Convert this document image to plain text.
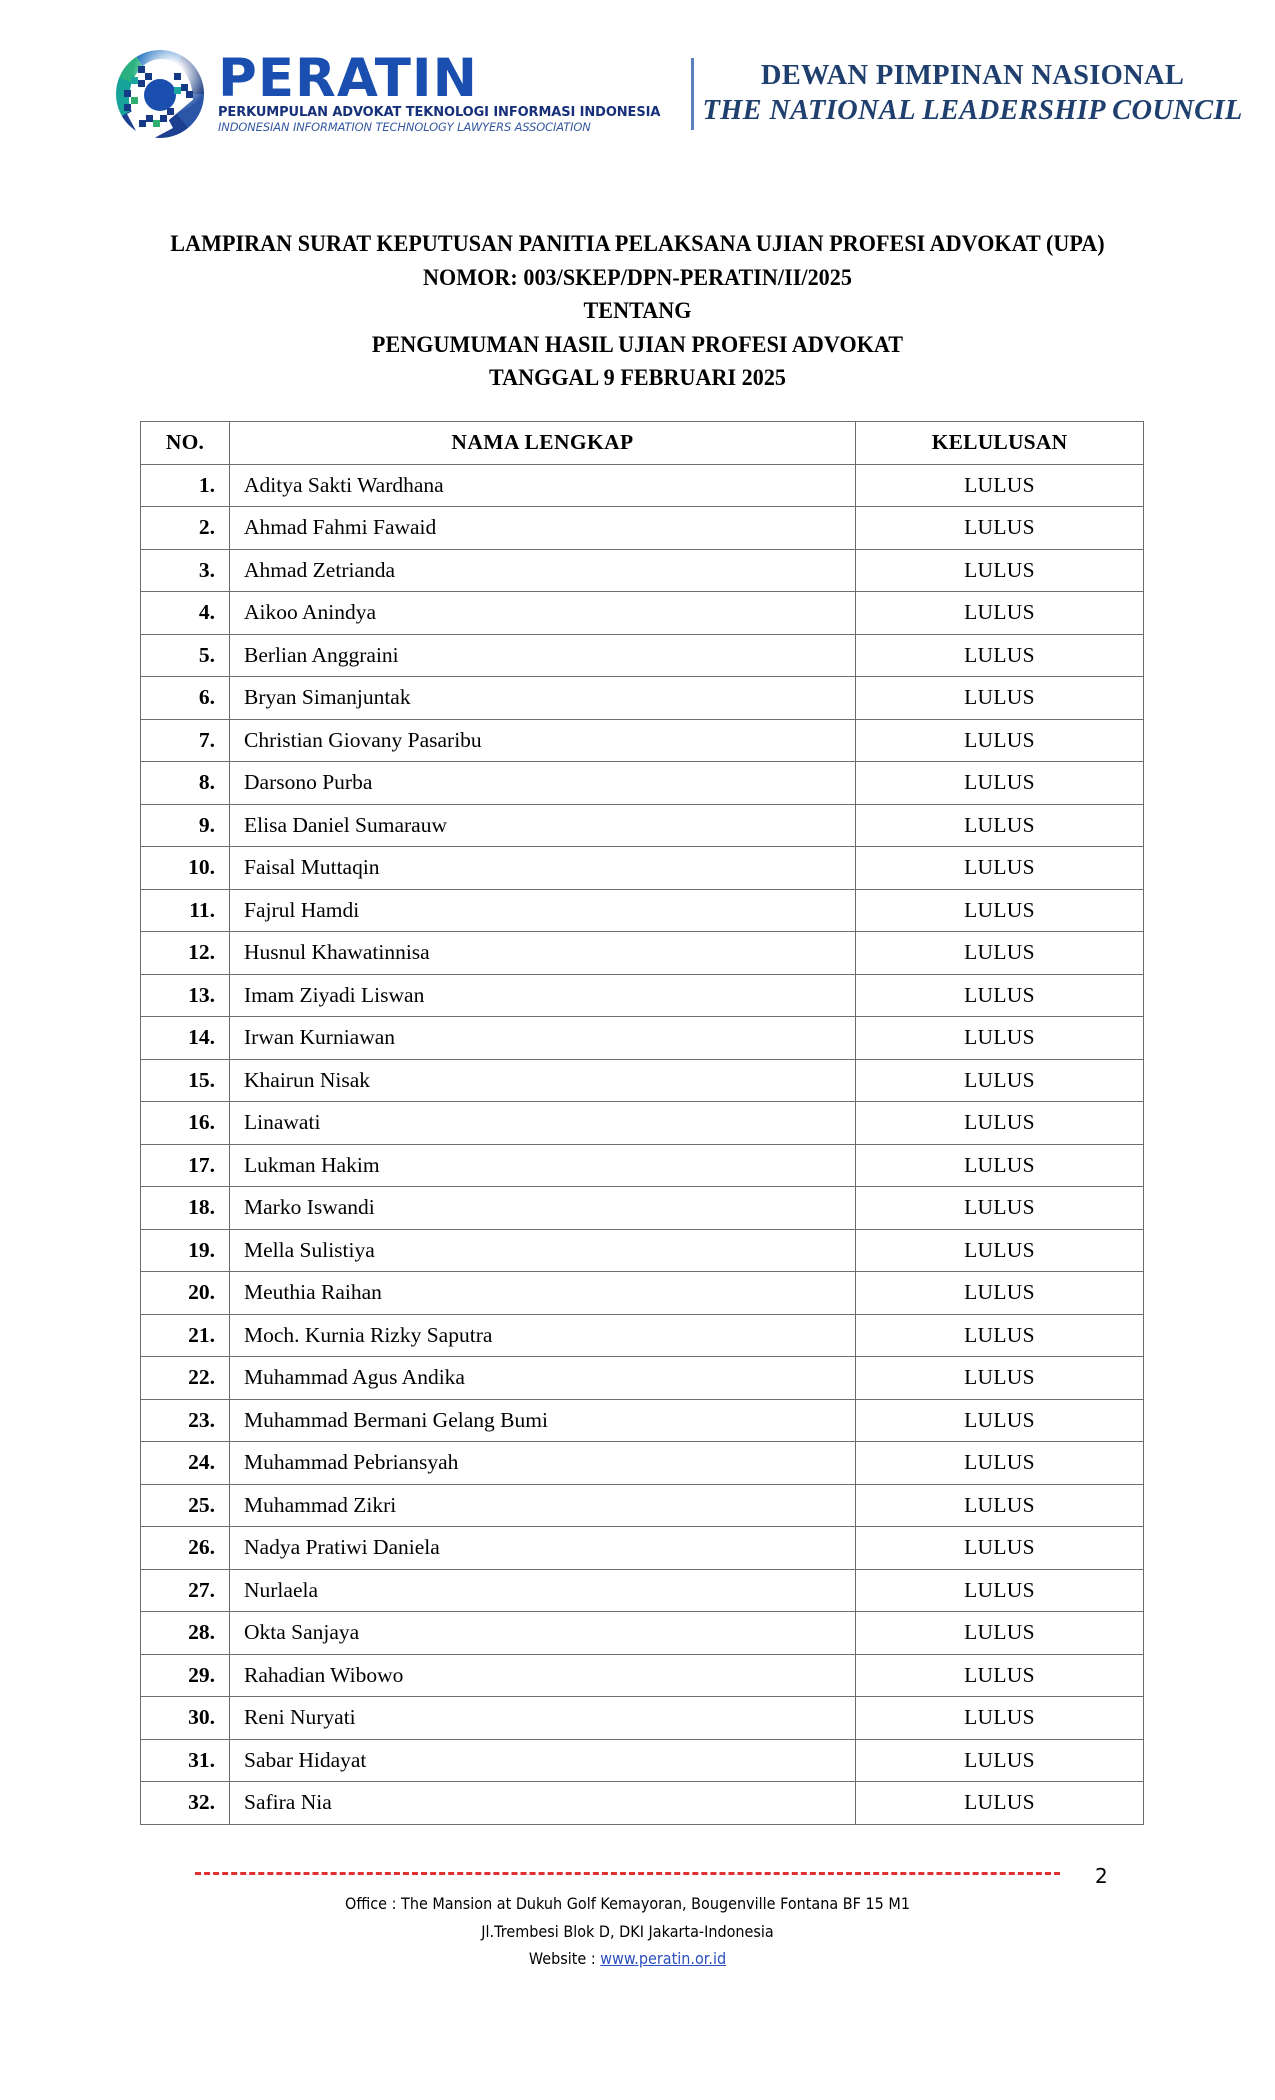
PERATIN
PERKUMPULAN ADVOKAT TEKNOLOGI INFORMASI INDONESIA
INDONESIAN INFORMATION TECHNOLOGY LAWYERS ASSOCIATION
DEWAN PIMPINAN NASIONAL
THE NATIONAL LEADERSHIP COUNCIL
LAMPIRAN SURAT KEPUTUSAN PANITIA PELAKSANA UJIAN PROFESI ADVOKAT (UPA)
NOMOR: 003/SKEP/DPN-PERATIN/II/2025
TENTANG
PENGUMUMAN HASIL UJIAN PROFESI ADVOKAT
TANGGAL 9 FEBRUARI 2025
NO.	NAMA LENGKAP	KELULUSAN
1.	Aditya Sakti Wardhana	LULUS
2.	Ahmad Fahmi Fawaid	LULUS
3.	Ahmad Zetrianda	LULUS
4.	Aikoo Anindya	LULUS
5.	Berlian Anggraini	LULUS
6.	Bryan Simanjuntak	LULUS
7.	Christian Giovany Pasaribu	LULUS
8.	Darsono Purba	LULUS
9.	Elisa Daniel Sumarauw	LULUS
10.	Faisal Muttaqin	LULUS
11.	Fajrul Hamdi	LULUS
12.	Husnul Khawatinnisa	LULUS
13.	Imam Ziyadi Liswan	LULUS
14.	Irwan Kurniawan	LULUS
15.	Khairun Nisak	LULUS
16.	Linawati	LULUS
17.	Lukman Hakim	LULUS
18.	Marko Iswandi	LULUS
19.	Mella Sulistiya	LULUS
20.	Meuthia Raihan	LULUS
21.	Moch. Kurnia Rizky Saputra	LULUS
22.	Muhammad Agus Andika	LULUS
23.	Muhammad Bermani Gelang Bumi	LULUS
24.	Muhammad Pebriansyah	LULUS
25.	Muhammad Zikri	LULUS
26.	Nadya Pratiwi Daniela	LULUS
27.	Nurlaela	LULUS
28.	Okta Sanjaya	LULUS
29.	Rahadian Wibowo	LULUS
30.	Reni Nuryati	LULUS
31.	Sabar Hidayat	LULUS
32.	Safira Nia	LULUS
Office : The Mansion at Dukuh Golf Kemayoran, Bougenville Fontana BF 15 M1
Jl.Trembesi Blok D, DKI Jakarta-Indonesia
Website : www.peratin.or.id
2
